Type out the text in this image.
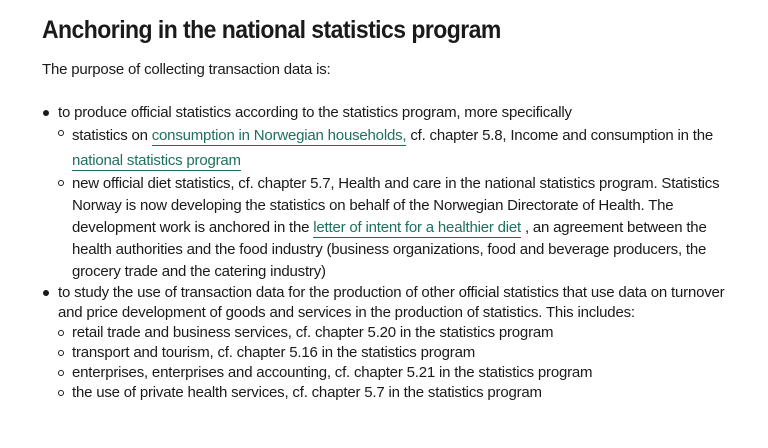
Anchoring in the national statistics program

The purpose of collecting transaction data is:

to produce official statistics according to the statistics program, more specifically
statistics on consumption in Norwegian households, cf. chapter 5.8, Income and consumption in the national statistics program
new official diet statistics, cf. chapter 5.7, Health and care in the national statistics program. Statistics Norway is now developing the statistics on behalf of the Norwegian Directorate of Health. The development work is anchored in the letter of intent for a healthier diet , an agreement between the health authorities and the food industry (business organizations, food and beverage producers, the grocery trade and the catering industry)
to study the use of transaction data for the production of other official statistics that use data on turnover and price development of goods and services in the production of statistics. This includes:
retail trade and business services, cf. chapter 5.20 in the statistics program
transport and tourism, cf. chapter 5.16 in the statistics program
enterprises, enterprises and accounting, cf. chapter 5.21 in the statistics program
the use of private health services, cf. chapter 5.7 in the statistics program
